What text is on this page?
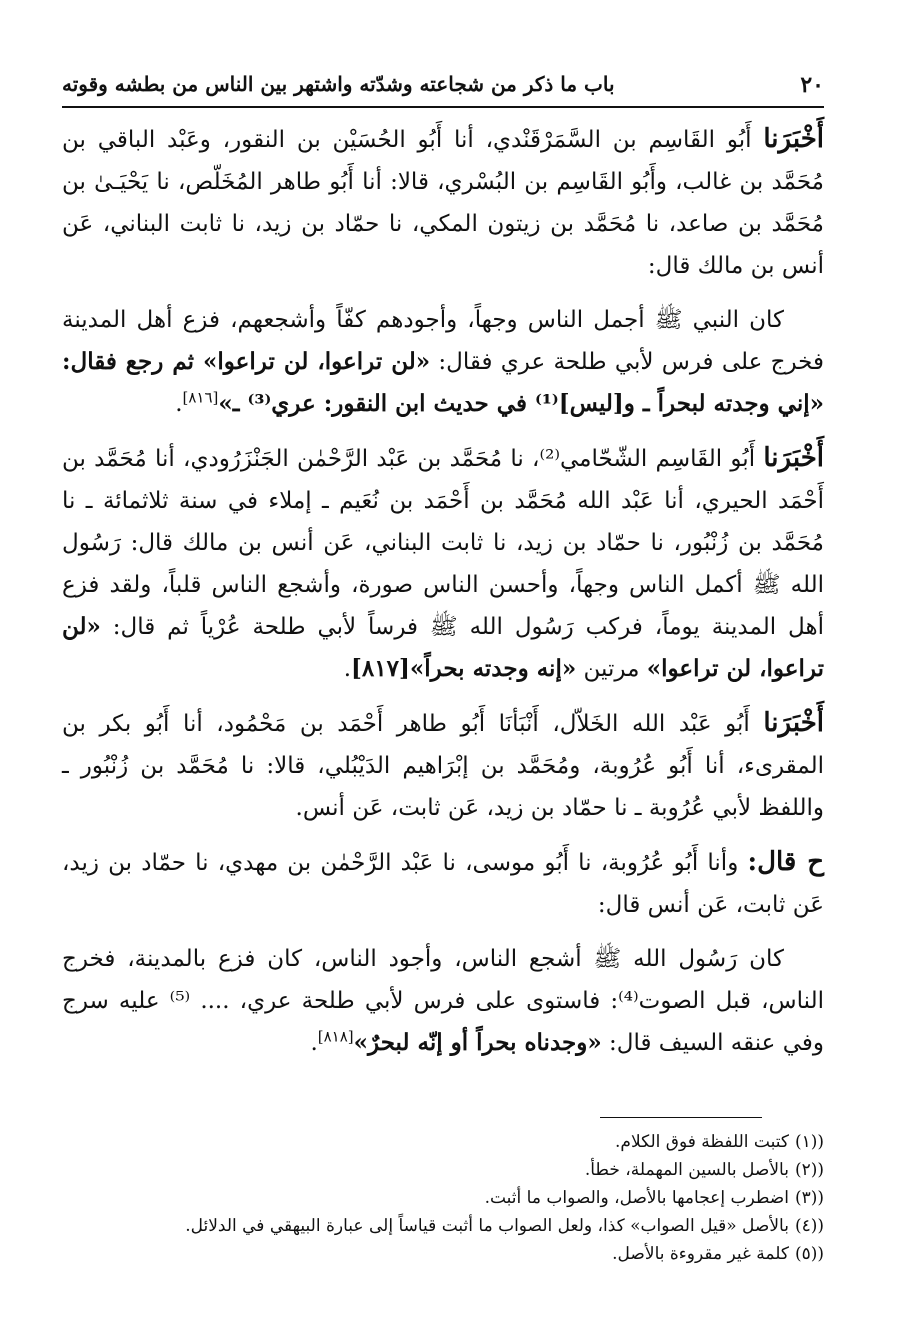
٢٠
باب ما ذكر من شجاعته وشدّته واشتهر بين الناس من بطشه وقوته

أَخْبَرَنا أَبُو القَاسِم بن السَّمَرْقَنْدي، أنا أَبُو الحُسَيْن بن النقور، وعَبْد الباقي بن مُحَمَّد بن غالب، وأَبُو القَاسِم بن البُسْري، قالا: أنا أَبُو طاهر المُخَلّص، نا يَحْيَـىٰ بن مُحَمَّد بن صاعد، نا مُحَمَّد بن زيتون المكي، نا حمّاد بن زيد، نا ثابت البناني، عَن أنس بن مالك قال:

كان النبي ﷺ أجمل الناس وجهاً، وأجودهم كفّاً وأشجعهم، فزع أهل المدينة فخرج على فرس لأبي طلحة عري فقال: «لن تراعوا، لن تراعوا» ثم رجع فقال: «إني وجدته لبحراً ـ و[ليس]⁽¹⁾ في حديث ابن النقور: عري⁽³⁾ ـ»[٨١٦].

أَخْبَرَنا أَبُو القَاسِم الشّحّامي⁽²⁾، نا مُحَمَّد بن عَبْد الرَّحْمٰن الجَنْزَرُودي، أنا مُحَمَّد بن أَحْمَد الحيري، أنا عَبْد الله مُحَمَّد بن أَحْمَد بن نُعَيم ـ إملاء في سنة ثلاثمائة ـ نا مُحَمَّد بن زُنْبُور، نا حمّاد بن زيد، نا ثابت البناني، عَن أنس بن مالك قال: رَسُول الله ﷺ أكمل الناس وجهاً، وأحسن الناس صورة، وأشجع الناس قلباً، ولقد فزع أهل المدينة يوماً، فركب رَسُول الله ﷺ فرساً لأبي طلحة عُرْياً ثم قال: «لن تراعوا، لن تراعوا» مرتين «إنه وجدته بحراً»[٨١٧].

أَخْبَرَنا أَبُو عَبْد الله الخَلاّل، أَنْبَأنَا أَبُو طاهر أَحْمَد بن مَحْمُود، أنا أَبُو بكر بن المقرىء، أنا أَبُو عُرُوبة، ومُحَمَّد بن إبْرَاهيم الدَيْبُلي، قالا: نا مُحَمَّد بن زُنْبُور ـ واللفظ لأبي عُرُوبة ـ نا حمّاد بن زيد، عَن ثابت، عَن أنس.

ح قال: وأنا أَبُو عُرُوبة، نا أَبُو موسى، نا عَبْد الرَّحْمٰن بن مهدي، نا حمّاد بن زيد، عَن ثابت، عَن أنس قال:

كان رَسُول الله ﷺ أشجع الناس، وأجود الناس، كان فزع بالمدينة، فخرج الناس، قبل الصوت⁽⁴⁾: فاستوى على فرس لأبي طلحة عري، .... ⁽⁵⁾ عليه سرج وفي عنقه السيف قال: «وجدناه بحراً أو إنّه لبحرٌ»[٨١٨].

((١)كتبت اللفظة فوق الكلام.

((٢)بالأصل بالسين المهملة، خطأ.

((٣)اضطرب إعجامها بالأصل، والصواب ما أثبت.

((٤)بالأصل «قيل الصواب» كذا، ولعل الصواب ما أثبت قياساً إلى عبارة البيهقي في الدلائل.

((٥)كلمة غير مقروءة بالأصل.
